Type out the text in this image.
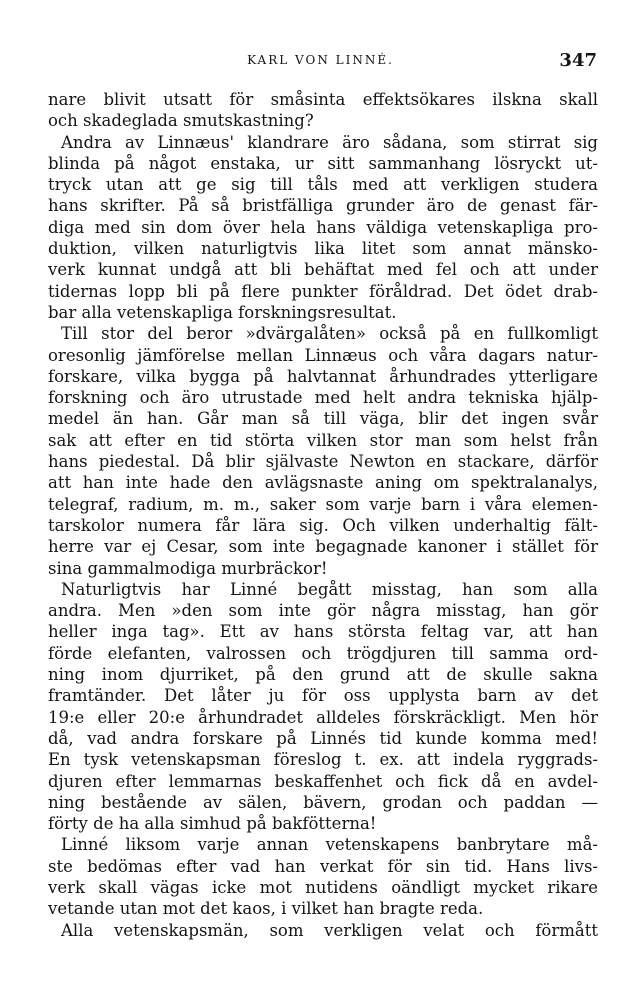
KARL VON LINNÉ.	347
nare blivit utsatt för småsinta effektsökares ilskna skall
och skadeglada smutskastning?
Andra av Linnæus' klandrare äro sådana, som stirrat sig
blinda på något enstaka, ur sitt sammanhang lösryckt ut-
tryck utan att ge sig till tåls med att verkligen studera
hans skrifter. På så bristfälliga grunder äro de genast fär-
diga med sin dom över hela hans väldiga vetenskapliga pro-
duktion, vilken naturligtvis lika litet som annat mänsko-
verk kunnat undgå att bli behäftat med fel och att under
tidernas lopp bli på flere punkter föråldrad. Det ödet drab-
bar alla vetenskapliga forskningsresultat.
Till stor del beror »dvärgalåten» också på en fullkomligt
oresonlig jämförelse mellan Linnæus och våra dagars natur-
forskare, vilka bygga på halvtannat århundrades ytterligare
forskning och äro utrustade med helt andra tekniska hjälp-
medel än han. Går man så till väga, blir det ingen svår
sak att efter en tid störta vilken stor man som helst från
hans piedestal. Då blir självaste Newton en stackare, därför
att han inte hade den avlägsnaste aning om spektralanalys,
telegraf, radium, m. m., saker som varje barn i våra elemen-
tarskolor numera får lära sig. Och vilken underhaltig fält-
herre var ej Cesar, som inte begagnade kanoner i stället för
sina gammalmodiga murbräckor!
Naturligtvis har Linné begått misstag, han som alla
andra. Men »den som inte gör några misstag, han gör
heller inga tag». Ett av hans största feltag var, att han
förde elefanten, valrossen och trögdjuren till samma ord-
ning inom djurriket, på den grund att de skulle sakna
framtänder. Det låter ju för oss upplysta barn av det
19:e eller 20:e århundradet alldeles förskräckligt. Men hör
då, vad andra forskare på Linnés tid kunde komma med!
En tysk vetenskapsman föreslog t. ex. att indela ryggrads-
djuren efter lemmarnas beskaffenhet och fick då en avdel-
ning bestående av sälen, bävern, grodan och paddan —
förty de ha alla simhud på bakfötterna!
Linné liksom varje annan vetenskapens banbrytare må-
ste bedömas efter vad han verkat för sin tid. Hans livs-
verk skall vägas icke mot nutidens oändligt mycket rikare
vetande utan mot det kaos, i vilket han bragte reda.
Alla vetenskapsmän, som verkligen velat och förmått
